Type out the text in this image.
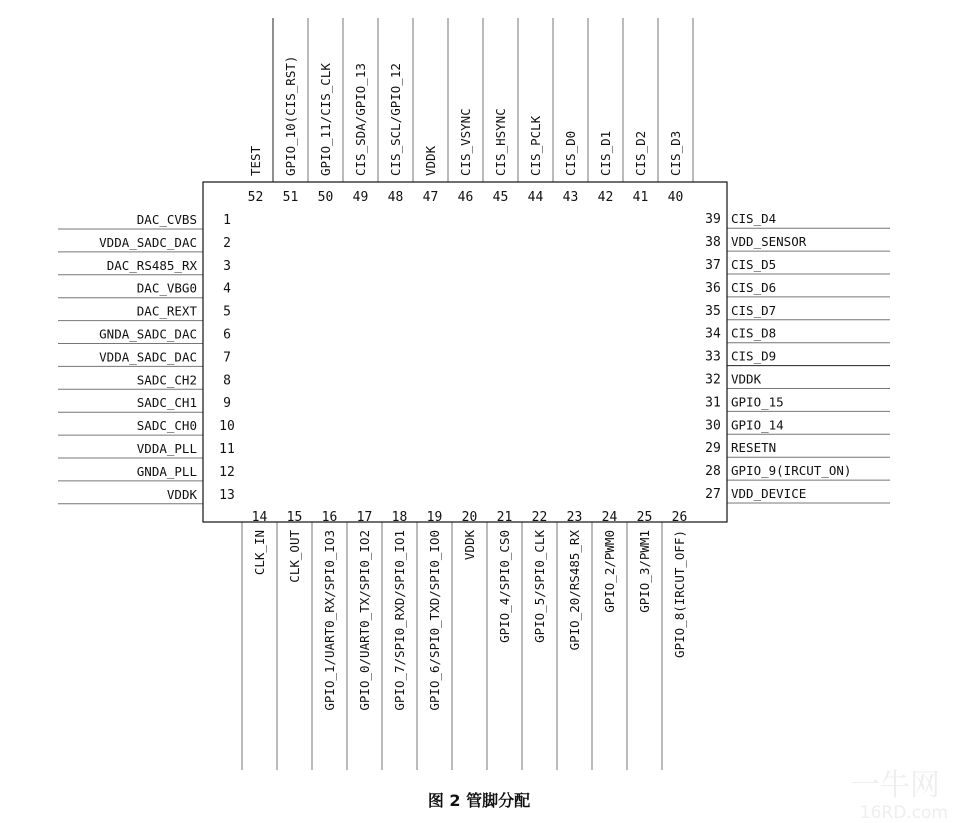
DAC_CVBS 1
VDDA_SADC_DAC 2
DAC_RS485_RX 3
DAC_VBG0 4
DAC_REXT 5
GNDA_SADC_DAC 6
VDDA_SADC_DAC 7
SADC_CH2 8
SADC_CH1 9
SADC_CH0 10
VDDA_PLL 11
GNDA_PLL 12
VDDK 13	27 VDD_DEVICE
28 GPIO_9(IRCUT_ON)
29 RESETN
30 GPIO_14
31 GPIO_15
32 VDDK
33 CIS_D9
34 CIS_D8
35 CIS_D7
36 CIS_D6
37 CIS_D5
38 VDD_SENSOR
39 CIS_D4
40
CIS_D3
41
CIS_D2
42
CIS_D1
43
CIS_D0
44
CIS_PCLK
45
CIS_HSYNC
46
CIS_VSYNC
47
VDDK
48
CIS_SCL/GPIO_12
49
CIS_SDA/GPIO_13
50
GPIO_11/CIS_CLK
51
GPIO_10(CIS_RST)
52
TEST
14
CLK_IN
15
CLK_OUT
16
GPIO_1/UART0_RX/SPI0_IO3
17
GPIO_0/UART0_TX/SPI0_IO2
18
GPIO_7/SPI0_RXD/SPI0_IO1
19
GPIO_6/SPI0_TXD/SPI0_IO0
20
VDDK
21
GPIO_4/SPI0_CS0
22
GPIO_5/SPI0_CLK
23
GPIO_20/RS485_RX
24
GPIO_2/PWM0
25
GPIO_3/PWM1
26
GPIO_8(IRCUT_OFF)
图 2 管脚分配	一牛网
16RD.com
